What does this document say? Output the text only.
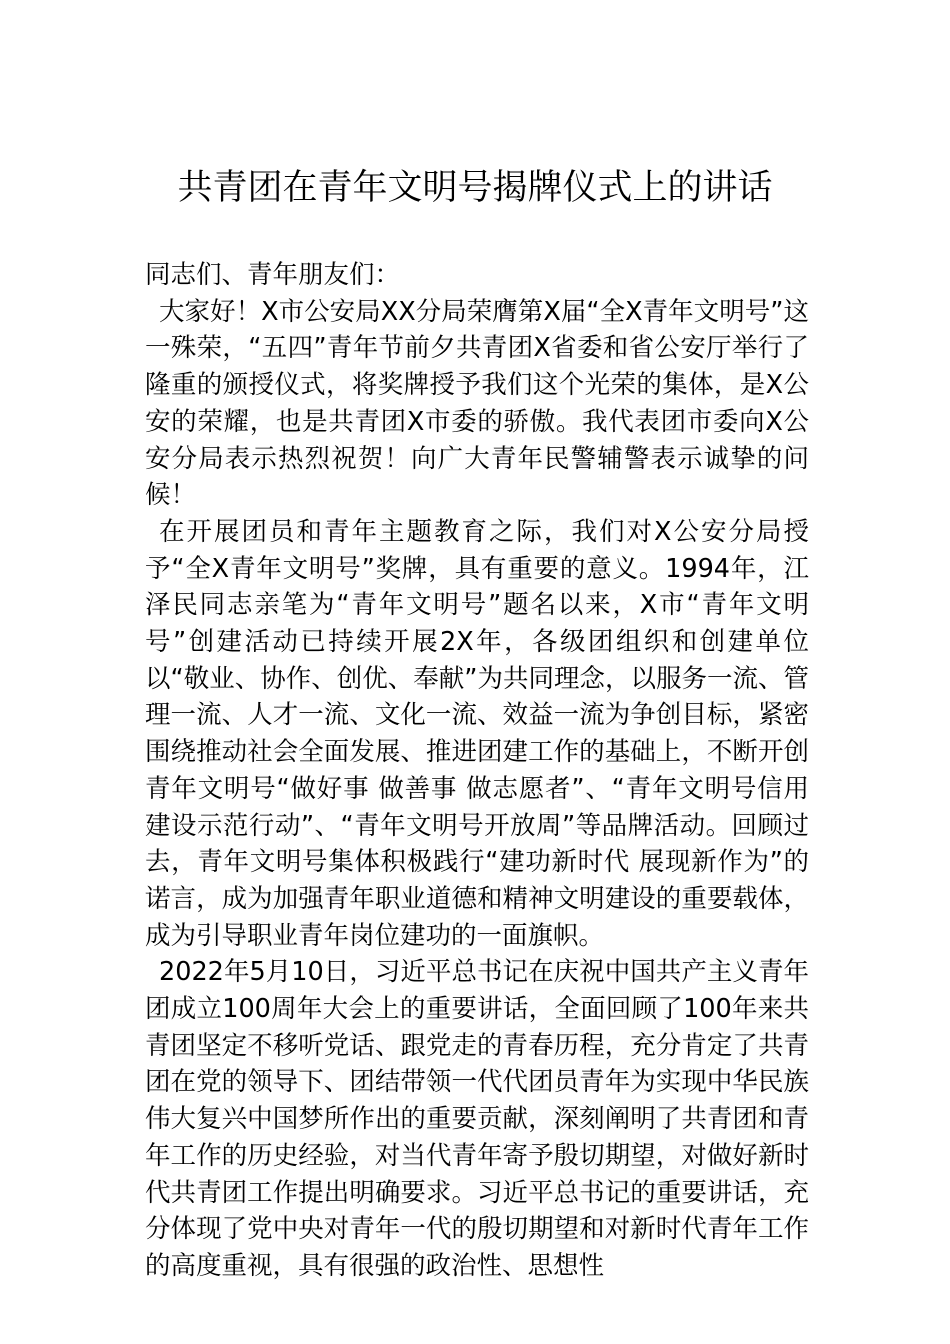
共青团在青年文明号揭牌仪式上的讲话

同志们、青年朋友们：

大家好！X市公安局XX分局荣膺第X届“全X青年文明号”这一殊荣，“五四”青年节前夕共青团X省委和省公安厅举行了隆重的颁授仪式，将奖牌授予我们这个光荣的集体，是X公安的荣耀，也是共青团X市委的骄傲。我代表团市委向X公安分局表示热烈祝贺！向广大青年民警辅警表示诚挚的问候！

在开展团员和青年主题教育之际，我们对X公安分局授予“全X青年文明号”奖牌，具有重要的意义。1994年，江泽民同志亲笔为“青年文明号”题名以来，X市“青年文明号”创建活动已持续开展2X年，各级团组织和创建单位以“敬业、协作、创优、奉献”为共同理念，以服务一流、管理一流、人才一流、文化一流、效益一流为争创目标，紧密围绕推动社会全面发展、推进团建工作的基础上，不断开创青年文明号“做好事 做善事 做志愿者”、“青年文明号信用建设示范行动”、“青年文明号开放周”等品牌活动。回顾过去，青年文明号集体积极践行“建功新时代 展现新作为”的诺言，成为加强青年职业道德和精神文明建设的重要载体，成为引导职业青年岗位建功的一面旗帜。

2022年5月10日，习近平总书记在庆祝中国共产主义青年团成立100周年大会上的重要讲话，全面回顾了100年来共青团坚定不移听党话、跟党走的青春历程，充分肯定了共青团在党的领导下、团结带领一代代团员青年为实现中华民族伟大复兴中国梦所作出的重要贡献，深刻阐明了共青团和青年工作的历史经验，对当代青年寄予殷切期望，对做好新时代共青团工作提出明确要求。习近平总书记的重要讲话，充分体现了党中央对青年一代的殷切期望和对新时代青年工作的高度重视，具有很强的政治性、思想性
